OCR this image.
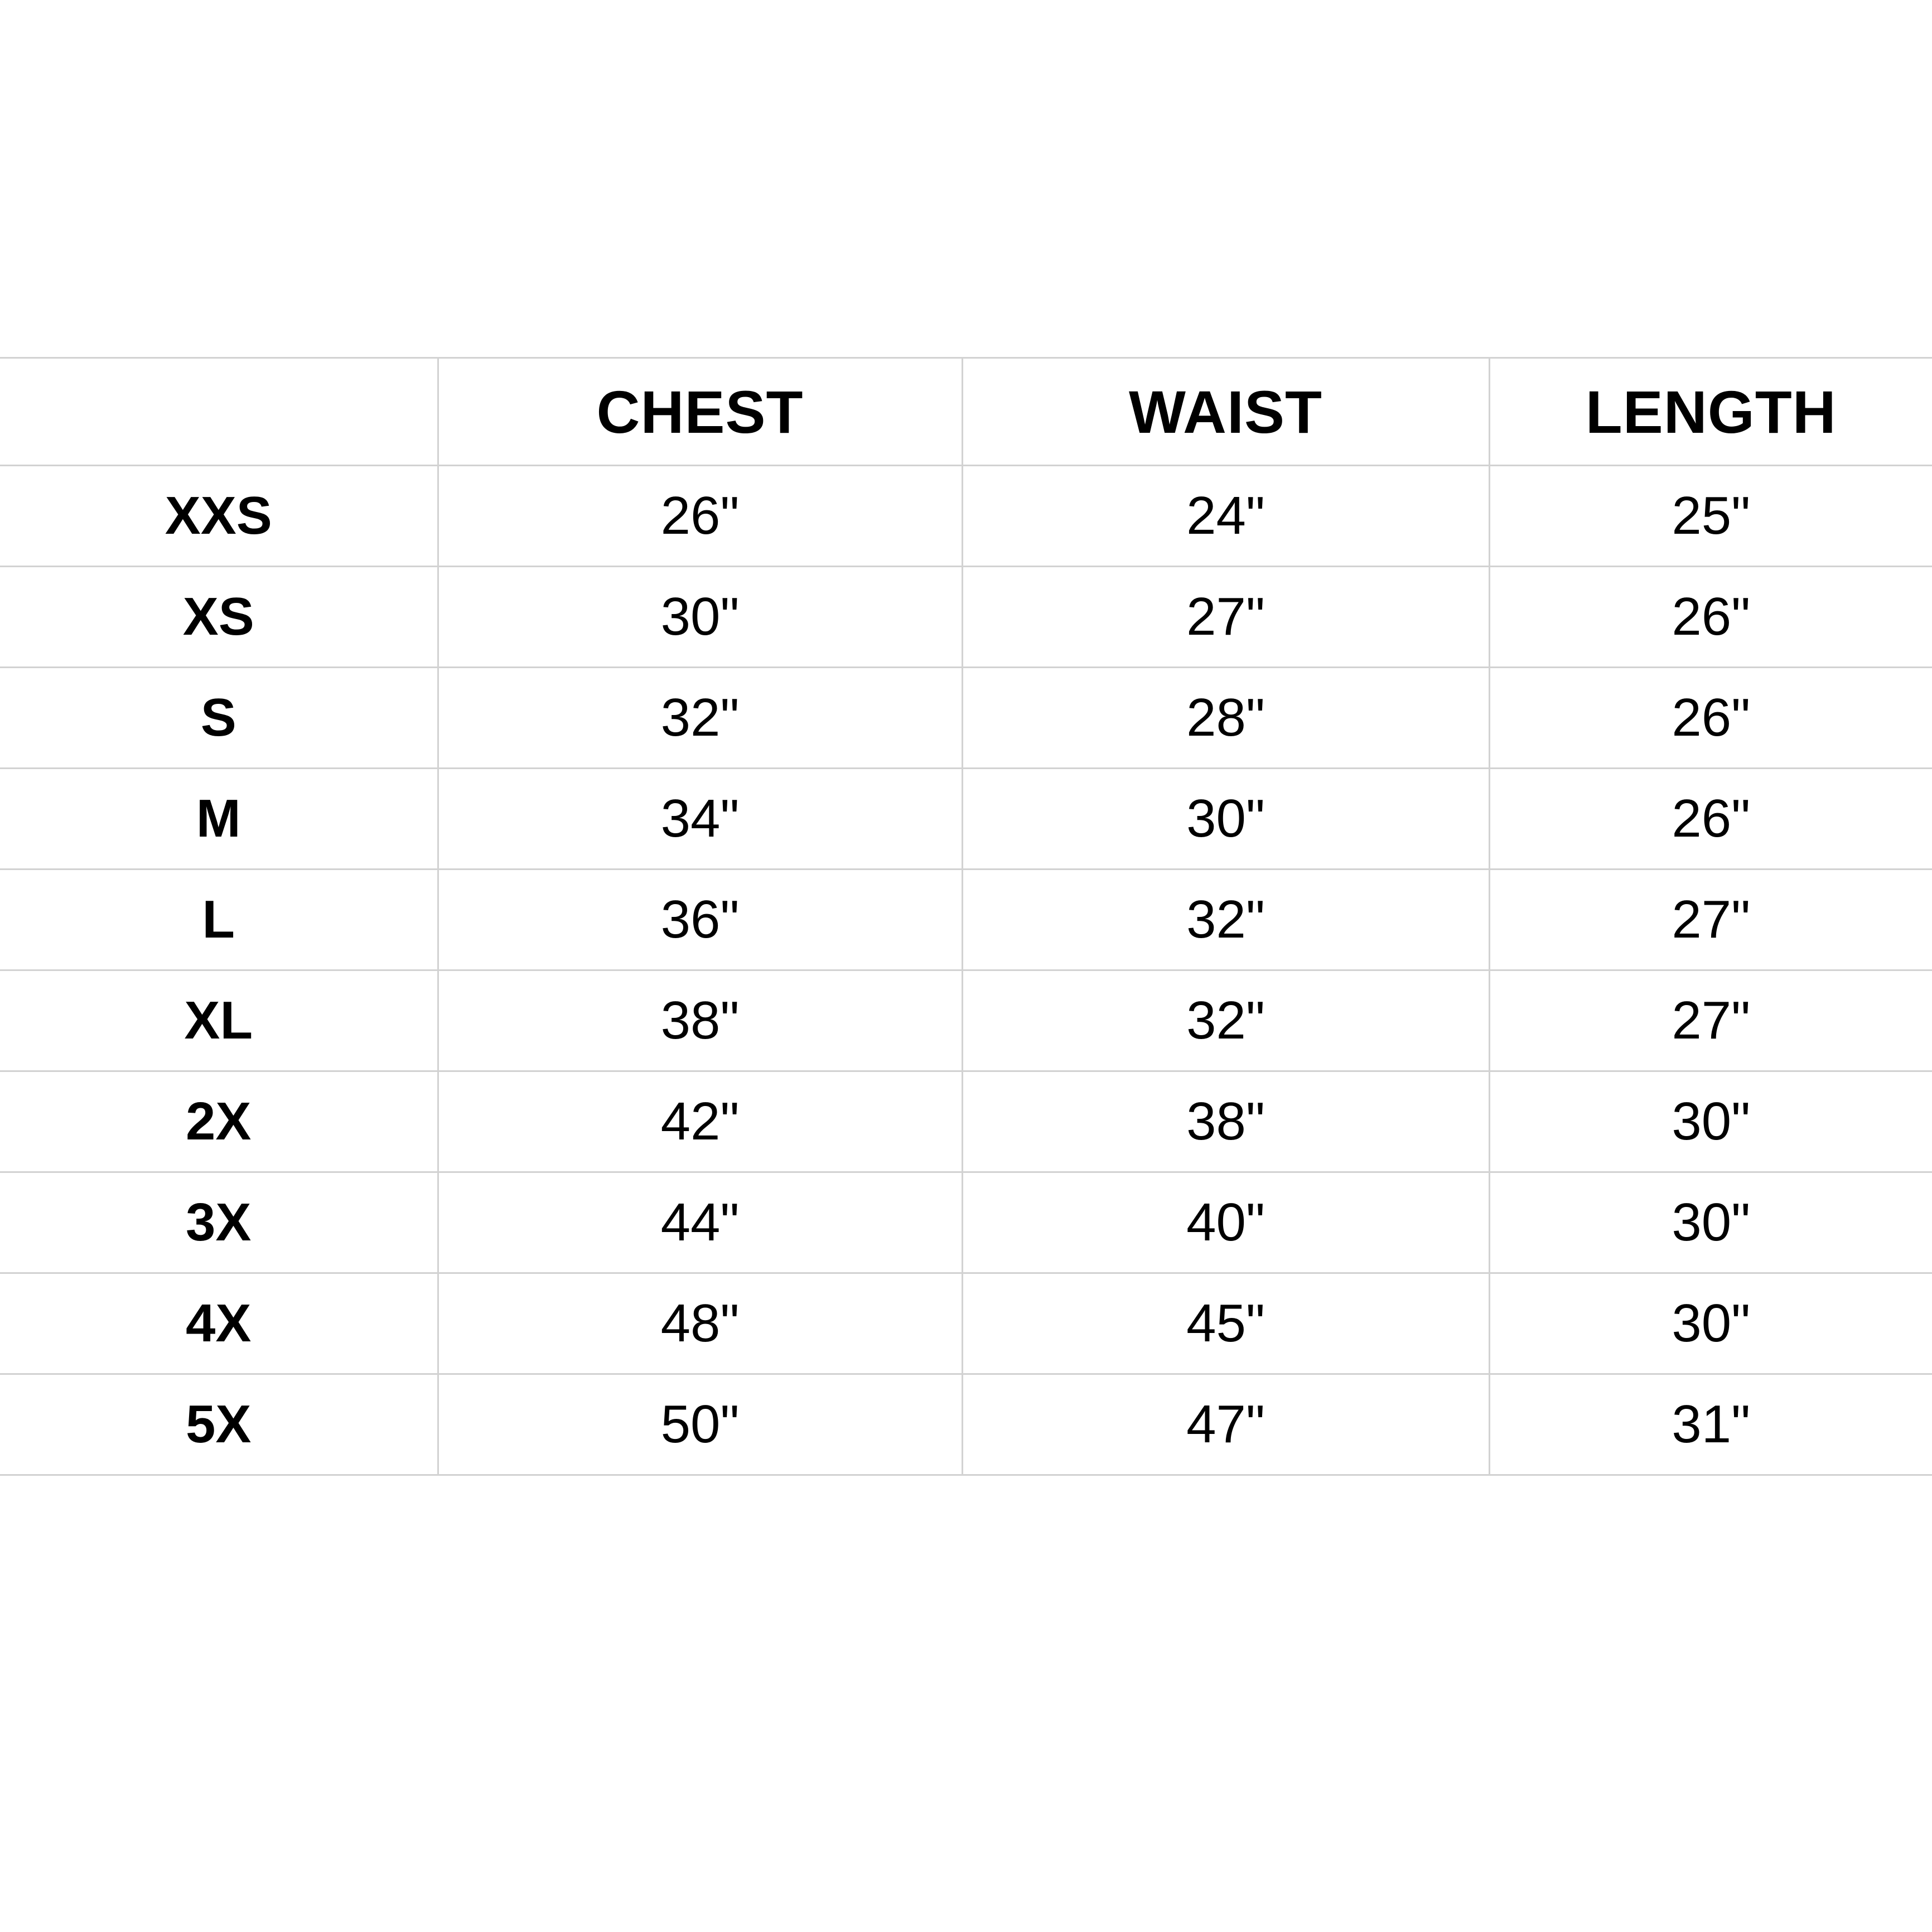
	CHEST	WAIST	LENGTH
XXS	26"	24"	25"
XS	30"	27"	26"
S	32"	28"	26"
M	34"	30"	26"
L	36"	32"	27"
XL	38"	32"	27"
2X	42"	38"	30"
3X	44"	40"	30"
4X	48"	45"	30"
5X	50"	47"	31"
